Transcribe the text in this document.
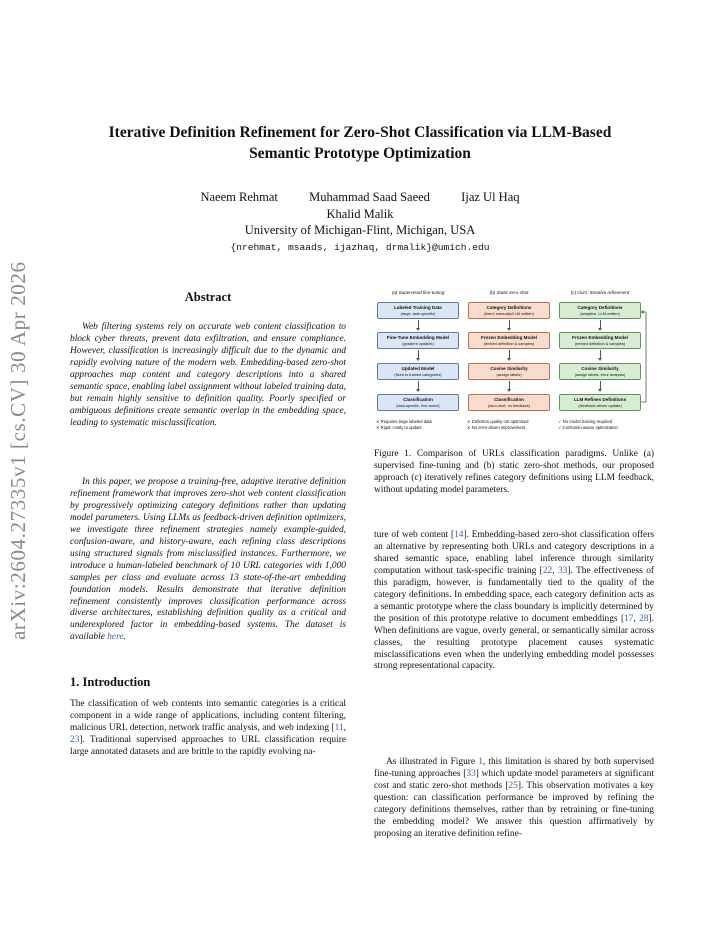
Iterative Definition Refinement for Zero-Shot Classification via LLM-Based
Semantic Prototype Optimization
Naeem Rehmat          Muhammad Saad Saeed          Ijaz Ul Haq
Khalid Malik
University of Michigan-Flint, Michigan, USA
{nrehmat, msaads, ijazhaq, drmalik}@umich.edu
arXiv:2604.27335v1 [cs.CV] 30 Apr 2026	Abstract

Web filtering systems rely on accurate web content classification to block cyber threats, prevent data exfiltration, and ensure compliance. However, classification is increasingly difficult due to the dynamic and rapidly evolving nature of the modern web. Embedding-based zero-shot approaches map content and category descriptions into a shared semantic space, enabling label assignment without labeled training data, but remain highly sensitive to definition quality. Poorly specified or ambiguous definitions create semantic overlap in the embedding space, leading to systematic misclassification.

In this paper, we propose a training-free, adaptive iterative definition refinement framework that improves zero-shot web content classification by progressively optimizing category definitions rather than updating model parameters. Using LLMs as feedback-driven definition optimizers, we investigate three refinement strategies namely example-guided, confusion-aware, and history-aware, each refining class descriptions using structured signals from misclassified instances. Furthermore, we introduce a human-labeled benchmark of 10 URL categories with 1,000 samples per class and evaluate across 13 state-of-the-art embedding foundation models. Results demonstrate that iterative definition refinement consistently improves classification performance across diverse architectures, establishing definition quality as a critical and underexplored factor in embedding-based systems. The dataset is available here.

1. Introduction

The classification of web contents into semantic categories is a critical component in a wide range of applications, including content filtering, malicious URL detection, network traffic analysis, and web indexing [11, 23]. Traditional supervised approaches to URL classification require large annotated datasets and are brittle to the rapidly evolving na-

ture of web content [14]. Embedding-based zero-shot classification offers an alternative by representing both URLs and category descriptions in a shared semantic space, enabling label inference through similarity computation without task-specific training [22, 33]. The effectiveness of this paradigm, however, is fundamentally tied to the quality of the category definitions. In embedding space, each category definition acts as a semantic prototype where the class boundary is implicitly determined by the position of this prototype relative to document embeddings [17, 28]. When definitions are vague, overly general, or semantically similar across classes, the resulting prototype placement causes systematic misclassifications even when the underlying embedding model possesses strong representational capacity.

As illustrated in Figure 1, this limitation is shared by both supervised fine-tuning approaches [33] which update model parameters at significant cost and static zero-shot methods [25]. This observation motivates a key question: can classification performance be improved by refining the category definitions themselves, rather than by retraining or fine-tuning the embedding model? We answer this question affirmatively by proposing an iterative definition refine-

(a) Supervised fine-tuning
Labeled Training Data
(large, task-specific)
Fine-Tune Embedding Model
(gradient updates)
Updated Model
(fixed to trained categories)
Classification
(task-specific, fine-tuned)
✕ Requires large labeled data
✕ Rigid; costly to update
(b) Static zero-shot
Category Definitions
(fixed; manually/LLM written)
Frozen Embedding Model
(embed definition & samples)
Cosine Similarity
(assign labels)
Classification
(zero-shot, no feedback)
✕ Definition quality not optimized
✕ No error-driven improvement
(c) Ours: Iterative refinement
Category Definitions
(adaptive, LLM written)
Frozen Embedding Model
(embed definition & samples)
Cosine Similarity
(assign labels, error analysis)
LLM Refines Definitions
(feedback-driven update)
✓ No model training required
✓ Confusion-aware optimization

Figure 1. Comparison of URLs classification paradigms. Unlike (a) supervised fine-tuning and (b) static zero-shot methods, our proposed approach (c) iteratively refines category definitions using LLM feedback, without updating model parameters.
